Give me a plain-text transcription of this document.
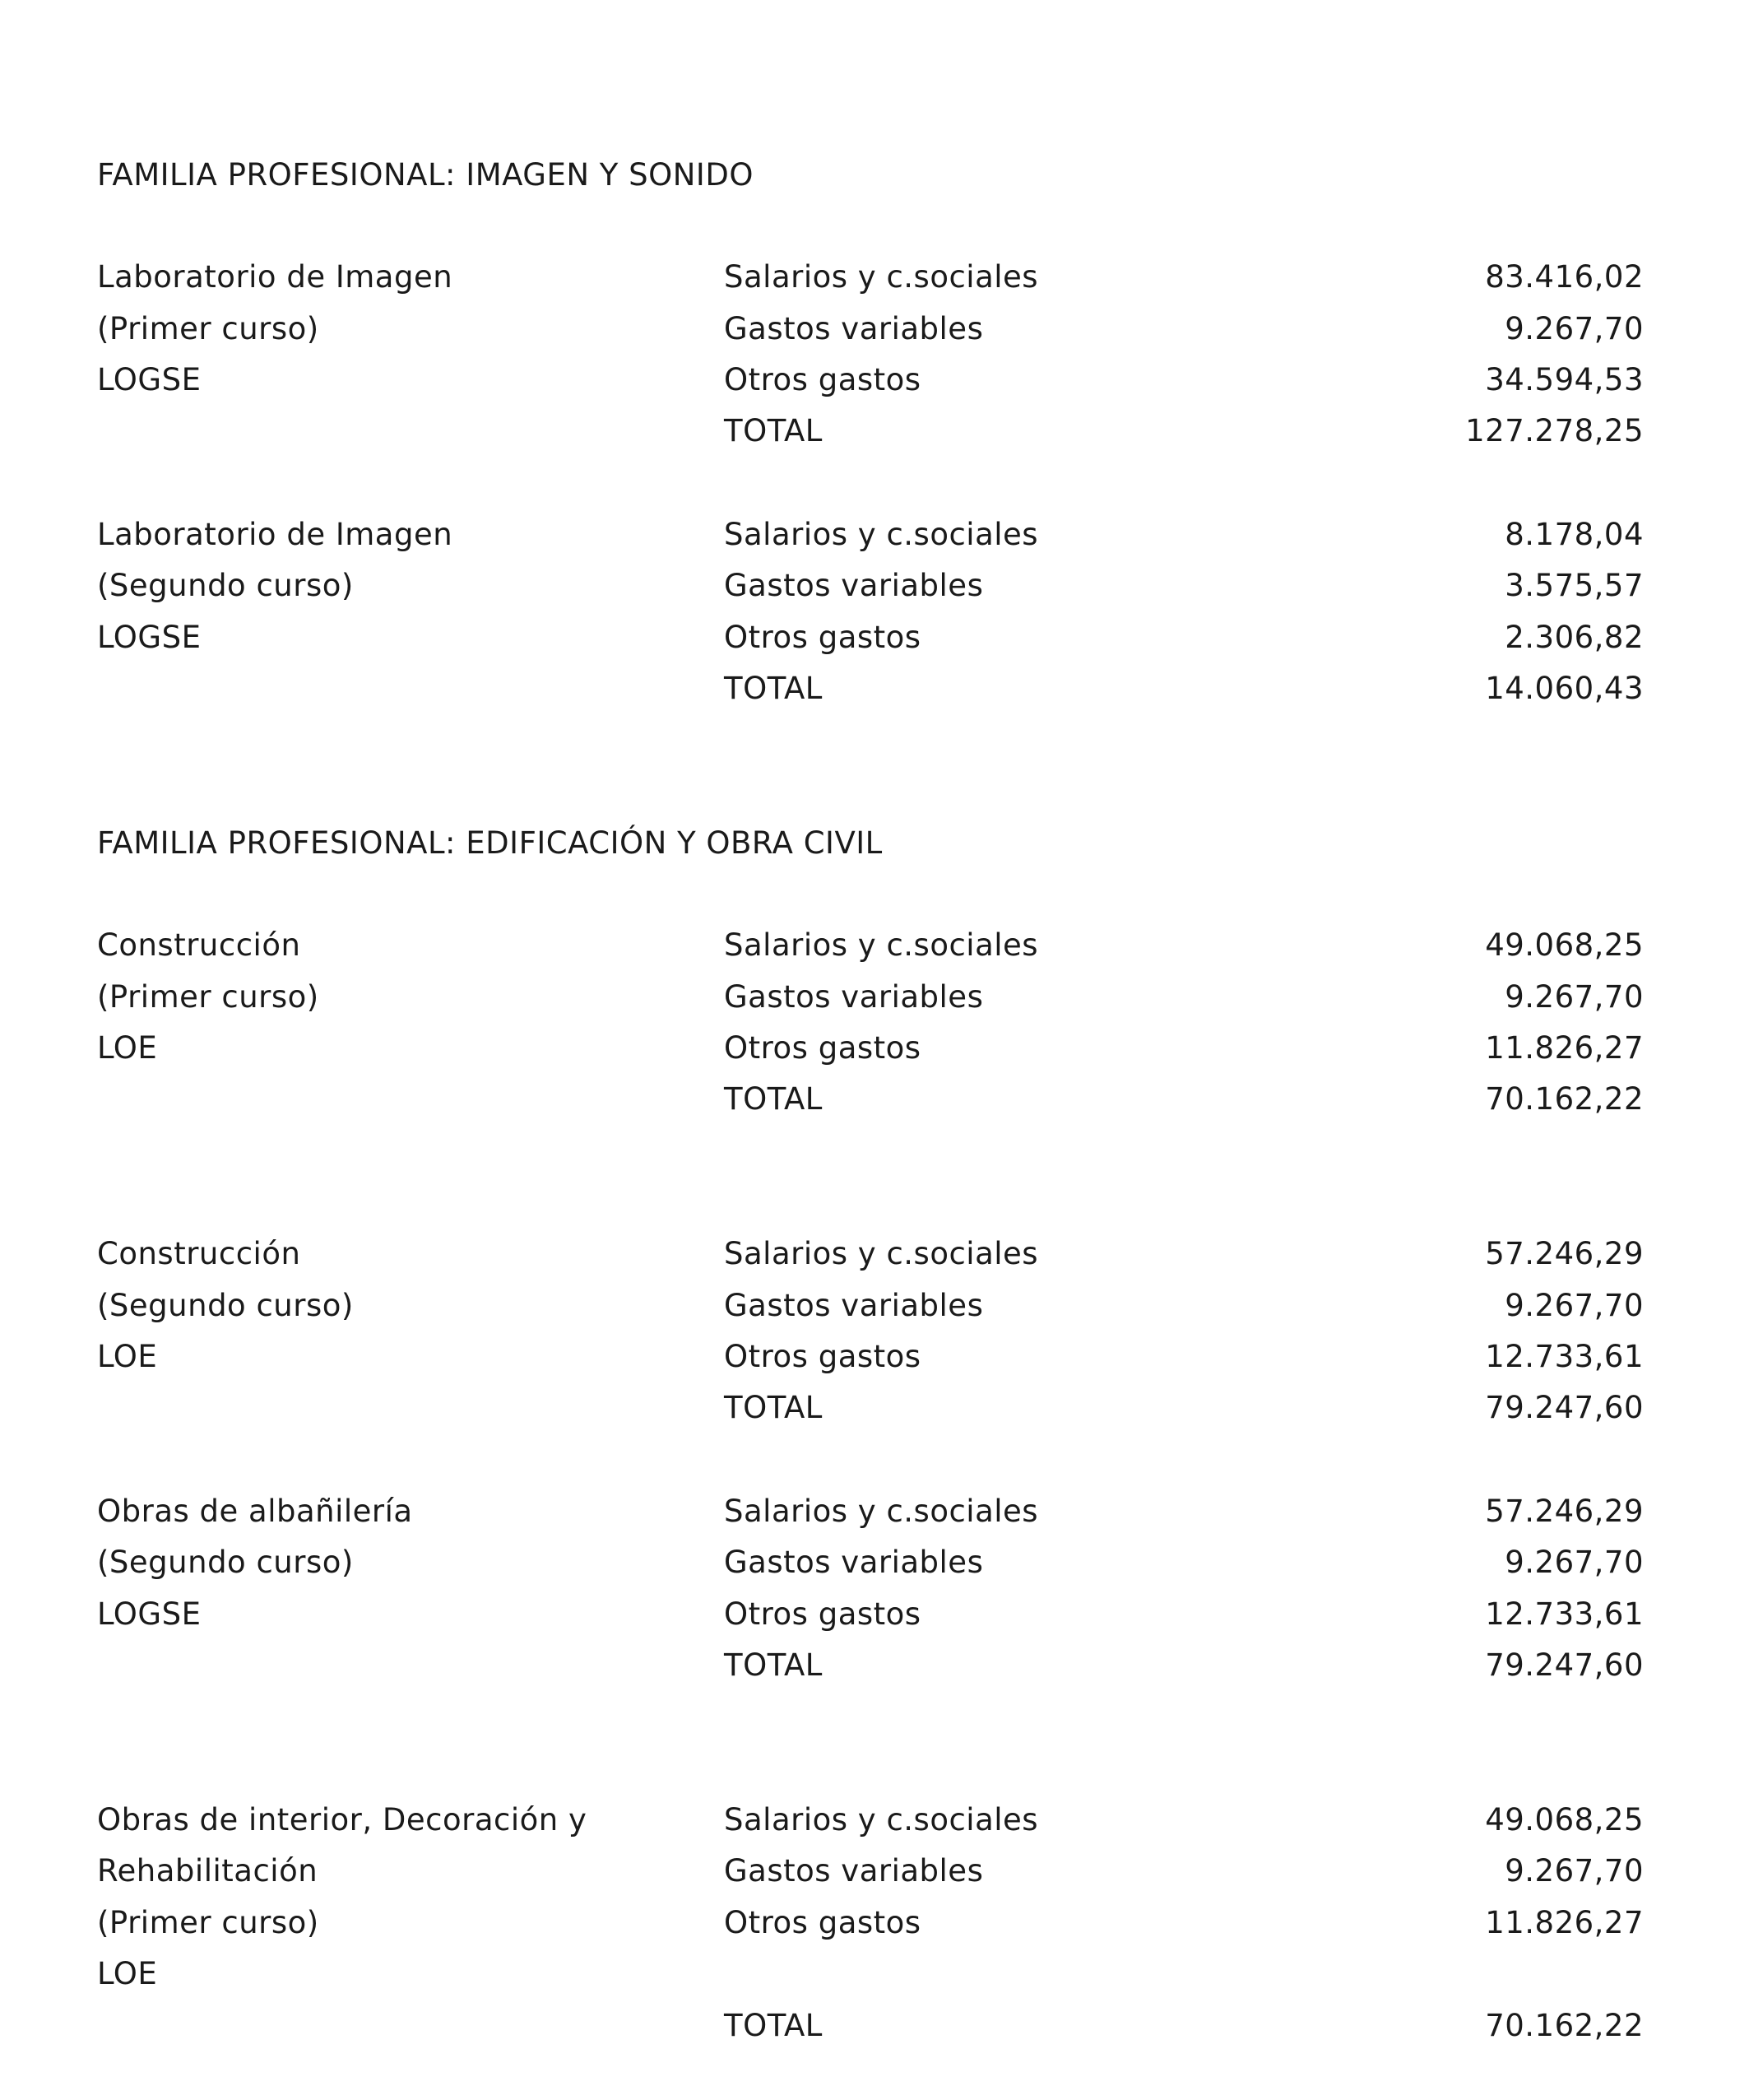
FAMILIA PROFESIONAL: IMAGEN Y SONIDO
Laboratorio de Imagen
(Primer curso)
LOGSE
Salarios y c.sociales	83.416,02
Gastos variables	9.267,70
Otros gastos	34.594,53
TOTAL	127.278,25
Laboratorio de Imagen
(Segundo curso)
LOGSE
Salarios y c.sociales	8.178,04
Gastos variables	3.575,57
Otros gastos	2.306,82
TOTAL	14.060,43
FAMILIA PROFESIONAL: EDIFICACIÓN Y OBRA CIVIL
Construcción
(Primer curso)
LOE
Salarios y c.sociales	49.068,25
Gastos variables	9.267,70
Otros gastos	11.826,27
TOTAL	70.162,22
Construcción
(Segundo curso)
LOE
Salarios y c.sociales	57.246,29
Gastos variables	9.267,70
Otros gastos	12.733,61
TOTAL	79.247,60
Obras de albañilería
(Segundo curso)
LOGSE
Salarios y c.sociales	57.246,29
Gastos variables	9.267,70
Otros gastos	12.733,61
TOTAL	79.247,60
Obras de interior, Decoración y
Rehabilitación
(Primer curso)
LOE
Salarios y c.sociales	49.068,25
Gastos variables	9.267,70
Otros gastos	11.826,27
TOTAL	70.162,22
